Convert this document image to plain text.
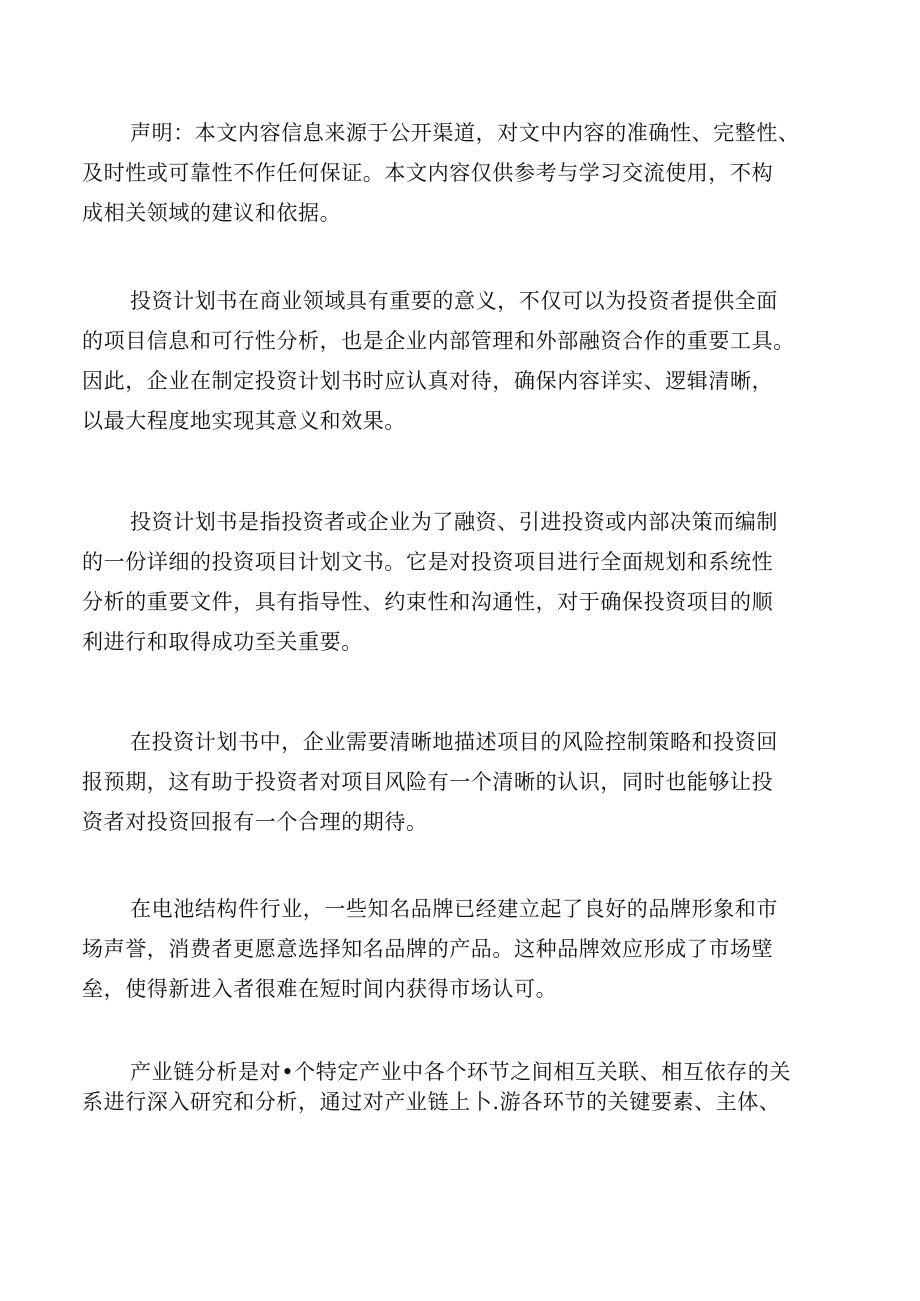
声明：本文内容信息来源于公开渠道，对文中内容的准确性、完整性、
及时性或可靠性不作任何保证。本文内容仅供参考与学习交流使用，不构
成相关领域的建议和依据。
投资计划书在商业领域具有重要的意义，不仅可以为投资者提供全面
的项目信息和可行性分析，也是企业内部管理和外部融资合作的重要工具。
因此，企业在制定投资计划书时应认真对待，确保内容详实、逻辑清晰，
以最大程度地实现其意义和效果。
投资计划书是指投资者或企业为了融资、引进投资或内部决策而编制
的一份详细的投资项目计划文书。它是对投资项目进行全面规划和系统性
分析的重要文件，具有指导性、约束性和沟通性，对于确保投资项目的顺
利进行和取得成功至关重要。
在投资计划书中，企业需要清晰地描述项目的风险控制策略和投资回
报预期，这有助于投资者对项目风险有一个清晰的认识，同时也能够让投
资者对投资回报有一个合理的期待。
在电池结构件行业，一些知名品牌已经建立起了良好的品牌形象和市
场声誉，消费者更愿意选择知名品牌的产品。这种品牌效应形成了市场壁
垒，使得新进入者很难在短时间内获得市场认可。
产业链分析是对•个特定产业中各个环节之间相互关联、相互依存的关
系进行深入研究和分析，通过对产业链上卜.游各环节的关键要素、主体、
